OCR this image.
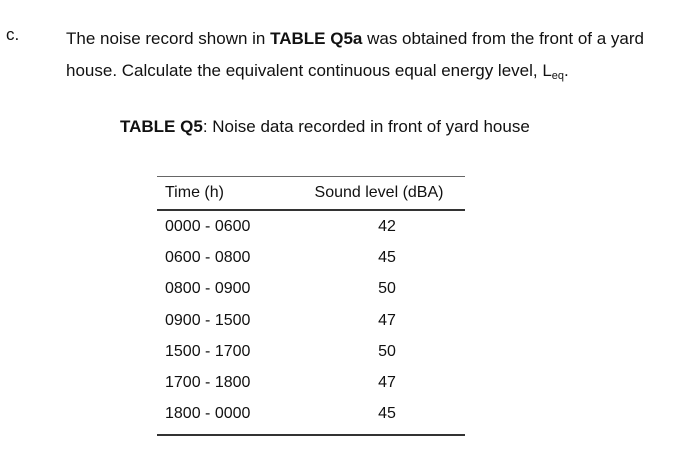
c.	The noise record shown in TABLE Q5a was obtained from the front of a yard house. Calculate the equivalent continuous equal energy level, $L_{eq}$.
TABLE Q5: Noise data recorded in front of yard house
Time (h)	Sound level (dBA)
0000 - 0600	42
0600 - 0800	45
0800 - 0900	50
0900 - 1500	47
1500 - 1700	50
1700 - 1800	47
1800 - 0000	45
